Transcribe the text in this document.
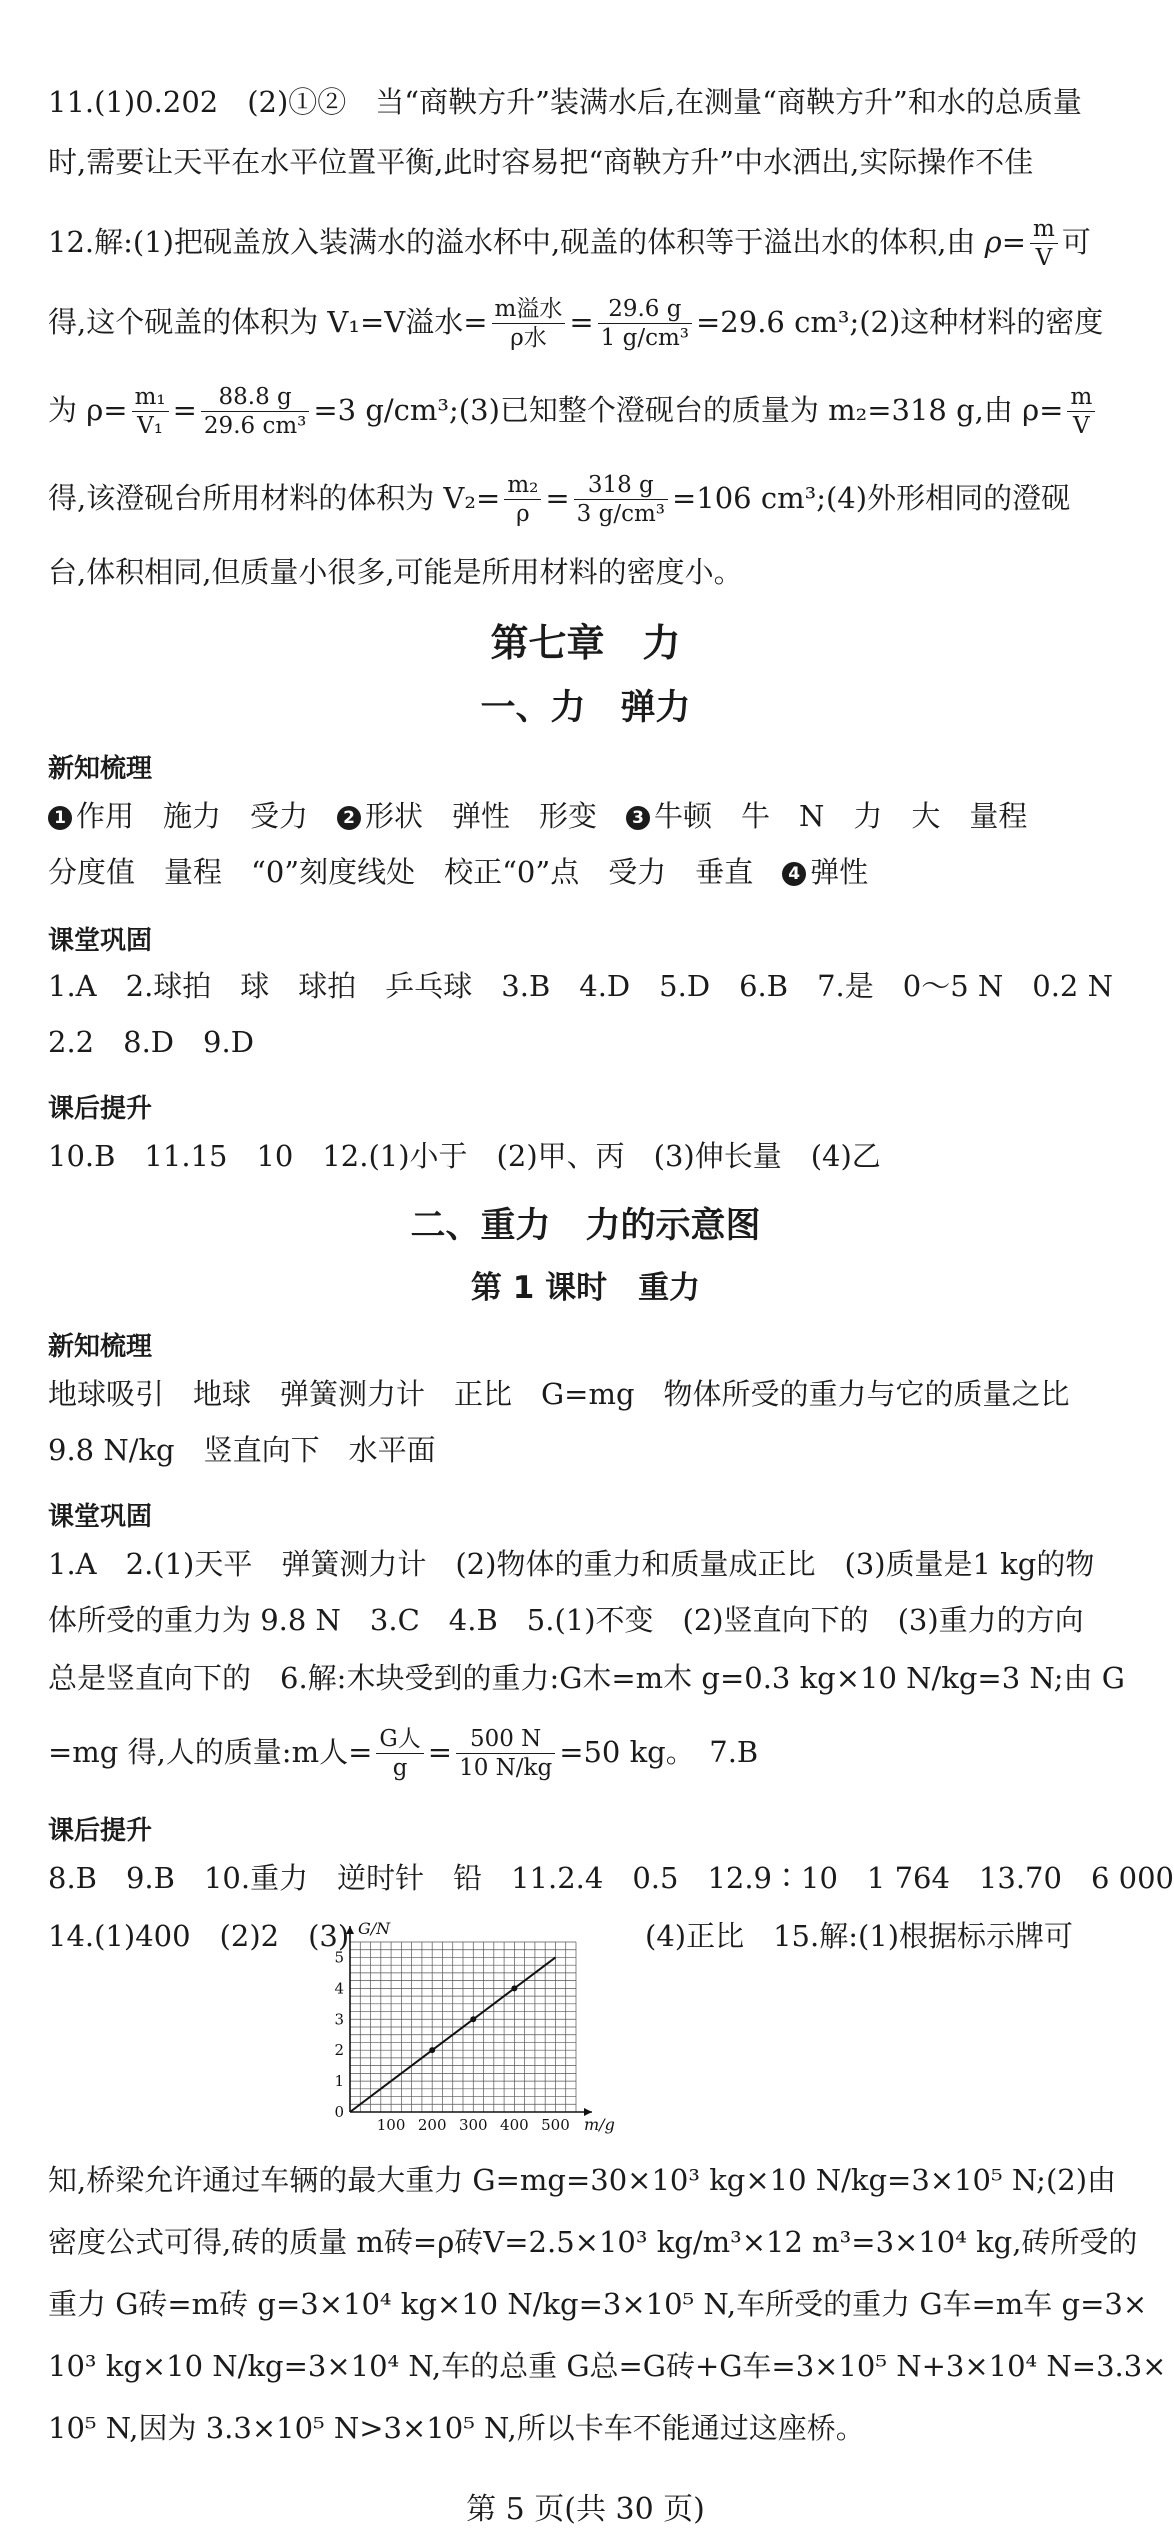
11.(1)0.202　(2)①②　当“商鞅方升”装满水后,在测量“商鞅方升”和水的总质量
时,需要让天平在水平位置平衡,此时容易把“商鞅方升”中水洒出,实际操作不佳
12.解:(1)把砚盖放入装满水的溢水杯中,砚盖的体积等于溢出水的体积,由 $\rho= \frac{m}{V}$ 可
得,这个砚盖的体积为 V₁=V溢水= $\frac{\text{m溢水}}{\text{ρ水}} = \frac{29.6 g}{\text{1 g/cm³}} =29.6$ cm³;(2)这种材料的密度
为 $\rho= \frac{\text{m₁}}{\text{V₁}} = \frac{88.8 g}{\text{29.6 cm³}} =3$ g/cm³;(3)已知整个澄砚台的质量为 m₂=318 g,由 $\rho= \frac{m}{V}$
得,该澄砚台所用材料的体积为 $V_2= \frac{\text{m₂}}{\rho} = \frac{318 g}{\text{3 g/cm³}} =106$ cm³;(4)外形相同的澄砚
台,体积相同,但质量小很多,可能是所用材料的密度小。
第七章　力
一、力　弹力
新知梳理
1 作用　施力　受力　2 形状　弹性　形变　3 牛顿　牛　N　力　大　量程
分度值　量程　“0”刻度线处　校正“0”点　受力　垂直　4 弹性
课堂巩固
1.A　2.球拍　球　球拍　乒乓球　3.B　4.D　5.D　6.B　7.是　0～5 N　0.2 N
2.2　8.D　9.D
课后提升
10.B　11.15　10　12.(1)小于　(2)甲、丙　(3)伸长量　(4)乙
二、重力　力的示意图
第 1 课时　重力
新知梳理
地球吸引　地球　弹簧测力计　正比　G=mg　物体所受的重力与它的质量之比
9.8 N/kg　竖直向下　水平面
课堂巩固
1.A　2.(1)天平　弹簧测力计　(2)物体的重力和质量成正比　(3)质量是1 kg的物
体所受的重力为 9.8 N　3.C　4.B　5.(1)不变　(2)竖直向下的　(3)重力的方向
总是竖直向下的　6.解:木块受到的重力:G木=m木 g=0.3 kg×10 N/kg=3 N;由 G
=mg 得,人的质量:m人= $\frac{\text{G人}}{g} = \frac{500 N}{10 N/kg} =50$ kg。　7.B
课后提升
8.B　9.B　10.重力　逆时针　铅　11.2.4　0.5　12.9∶10　1 764　13.70　6 000
14.(1)400　(2)2　(3)	(4)正比　15.解:(1)根据标示牌可
0
1
2
3
4
5
100 200 300 400 500
G/N
m/g
知,桥梁允许通过车辆的最大重力 G=mg=30×10³ kg×10 N/kg=3×10⁵ N;(2)由
密度公式可得,砖的质量 m砖=ρ砖V=2.5×10³ kg/m³×12 m³=3×10⁴ kg,砖所受的
重力 G砖=m砖 g=3×10⁴ kg×10 N/kg=3×10⁵ N,车所受的重力 G车=m车 g=3×
10³ kg×10 N/kg=3×10⁴ N,车的总重 G总=G砖+G车=3×10⁵ N+3×10⁴ N=3.3×
10⁵ N,因为 3.3×10⁵ N>3×10⁵ N,所以卡车不能通过这座桥。
第 5 页(共 30 页)
